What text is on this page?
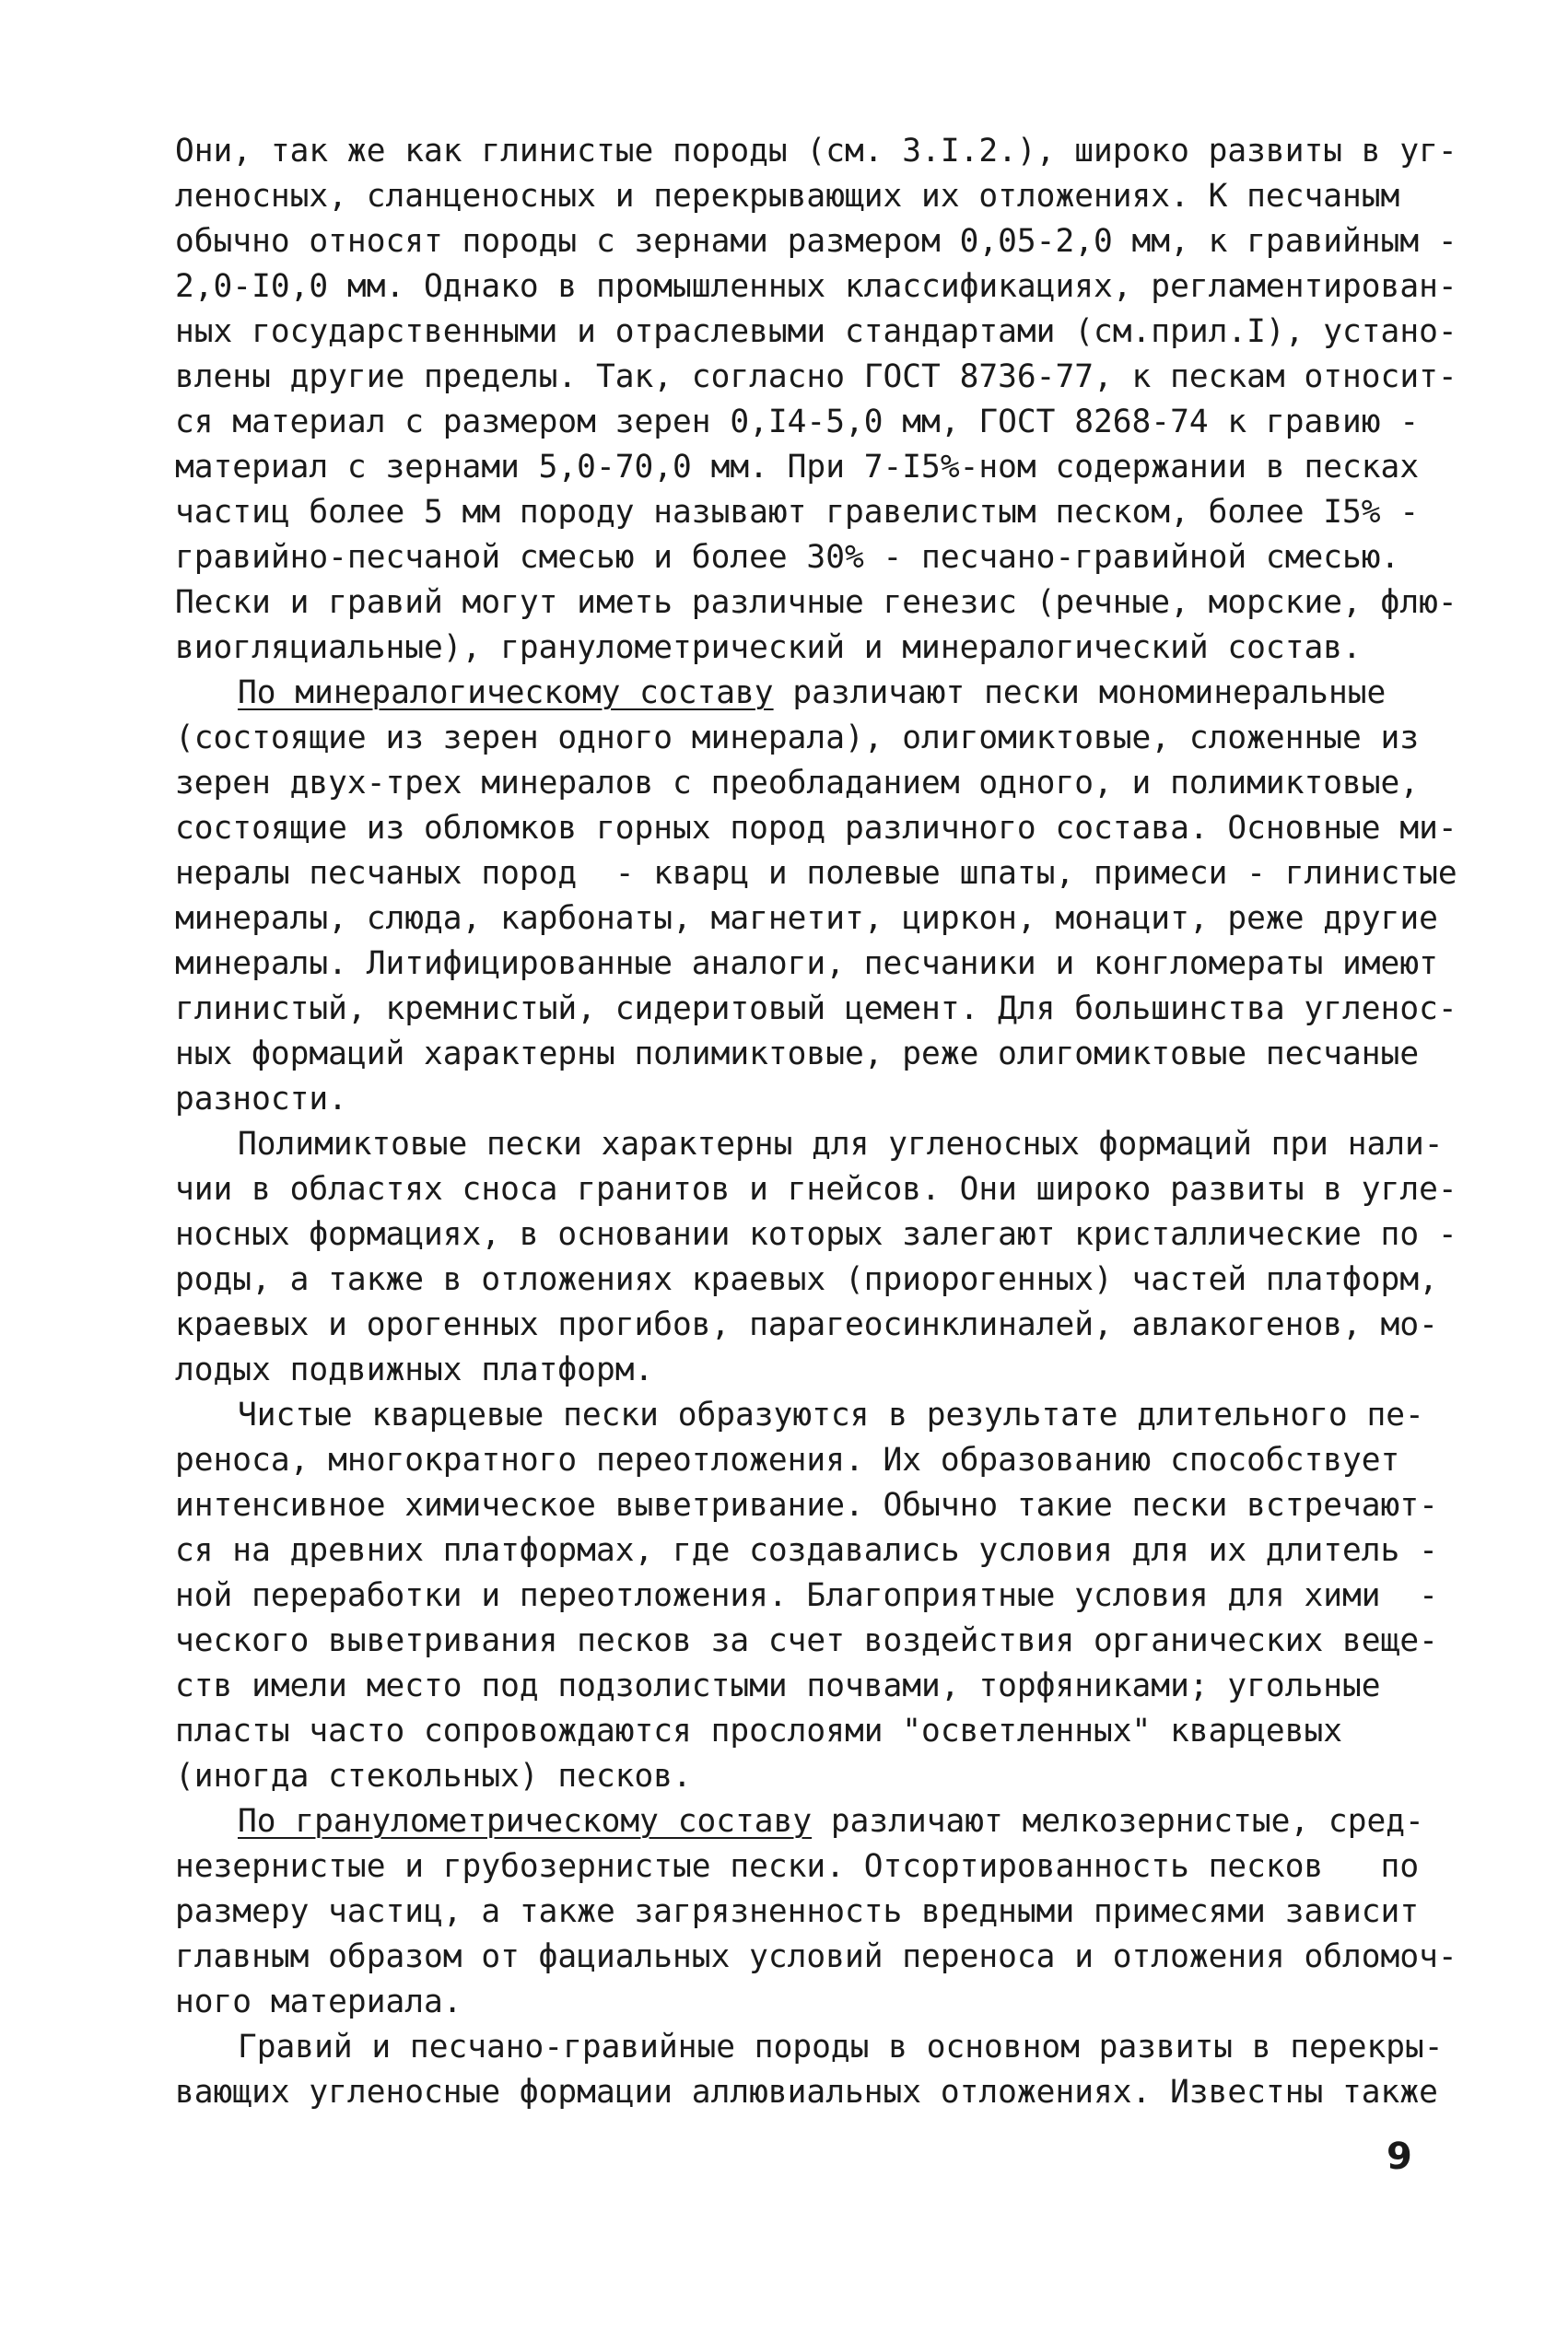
Они, так же как глинистые породы (см. 3.I.2.), широко развиты в уг-
леносных, сланценосных и перекрывающих их отложениях. К песчаным
обычно относят породы с зернами размером 0,05-2,0 мм, к гравийным -
2,0-I0,0 мм. Однако в промышленных классификациях, регламентирован-
ных государственными и отраслевыми стандартами (см.прил.I), устано-
влены другие пределы. Так, согласно ГОСТ 8736-77, к пескам относит-
ся материал с размером зерен 0,I4-5,0 мм, ГОСТ 8268-74 к гравию -
материал с зернами 5,0-70,0 мм. При 7-I5%-ном содержании в песках
частиц более 5 мм породу называют гравелистым песком, более I5% -
гравийно-песчаной смесью и более 30% - песчано-гравийной смесью.
Пески и гравий могут иметь различные генезис (речные, морские, флю-
виогляциальные), гранулометрический и минералогический состав.
По минералогическому составу различают пески мономинеральные
(состоящие из зерен одного минерала), олигомиктовые, сложенные из
зерен двух-трех минералов с преобладанием одного, и полимиктовые,
состоящие из обломков горных пород различного состава. Основные ми-
нералы песчаных пород  - кварц и полевые шпаты, примеси - глинистые
минералы, слюда, карбонаты, магнетит, циркон, монацит, реже другие
минералы. Литифицированные аналоги, песчаники и конгломераты имеют
глинистый, кремнистый, сидеритовый цемент. Для большинства угленос-
ных формаций характерны полимиктовые, реже олигомиктовые песчаные
разности.
Полимиктовые пески характерны для угленосных формаций при нали-
чии в областях сноса гранитов и гнейсов. Они широко развиты в угле-
носных формациях, в основании которых залегают кристаллические по -
роды, а также в отложениях краевых (приорогенных) частей платформ,
краевых и орогенных прогибов, парагеосинклиналей, авлакогенов, мо-
лодых подвижных платформ.
Чистые кварцевые пески образуются в результате длительного пе-
реноса, многократного переотложения. Их образованию способствует
интенсивное химическое выветривание. Обычно такие пески встречают-
ся на древних платформах, где создавались условия для их длитель -
ной переработки и переотложения. Благоприятные условия для хими  -
ческого выветривания песков за счет воздействия органических веще-
ств имели место под подзолистыми почвами, торфяниками; угольные
пласты часто сопровождаются прослоями "осветленных" кварцевых
(иногда стекольных) песков.
По гранулометрическому составу различают мелкозернистые, сред-
незернистые и грубозернистые пески. Отсортированность песков   по
размеру частиц, а также загрязненность вредными примесями зависит
главным образом от фациальных условий переноса и отложения обломоч-
ного материала.
Гравий и песчано-гравийные породы в основном развиты в перекры-
вающих угленосные формации аллювиальных отложениях. Известны также
9
